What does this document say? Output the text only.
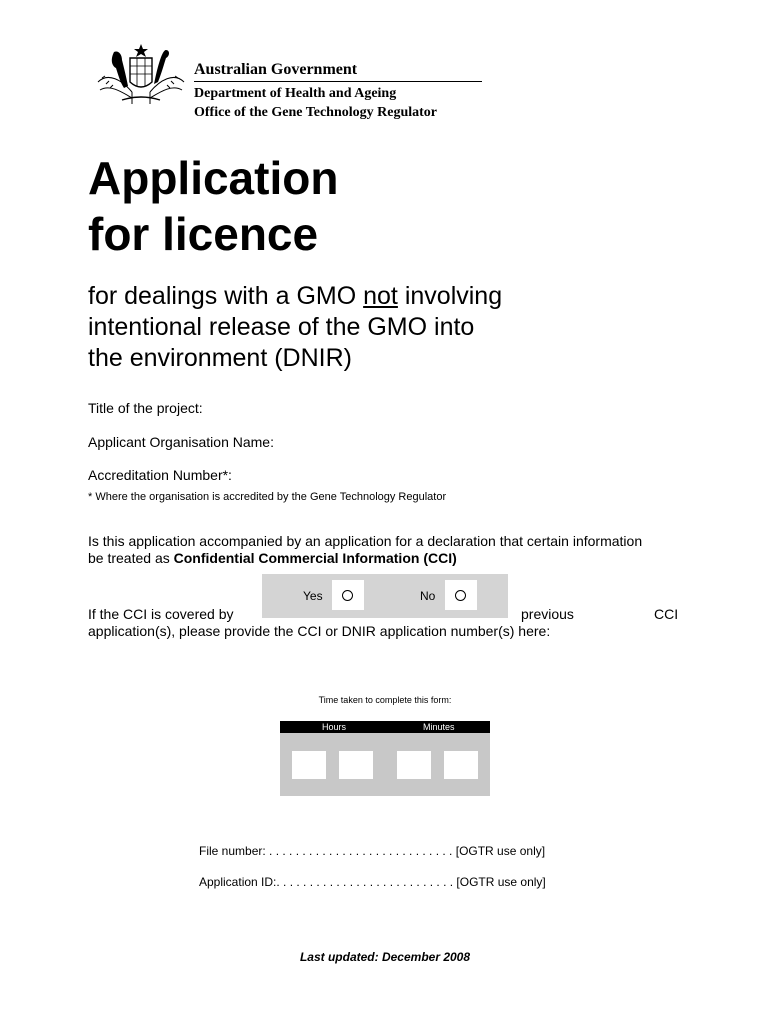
Australian Government
Department of Health and Ageing
Office of the Gene Technology Regulator
Application
for licence
for dealings with a GMO not involving
intentional release of the GMO into
the environment (DNIR)
Title of the project:
Applicant Organisation Name:
Accreditation Number*:
* Where the organisation is accredited by the Gene Technology Regulator
Is this application accompanied by an application for a declaration that certain information be treated as Confidential Commercial Information (CCI)
Yes	No
If the CCI is covered by	previous	CCI
application(s), please provide the CCI or DNIR application number(s) here:
Time taken to complete this form:
Hours	Minutes
File number: . . . . . . . . . . . . . . . . . . . . . . . . . . . . [OGTR use only]
Application ID:. . . . . . . . . . . . . . . . . . . . . . . . . . . [OGTR use only]
Last updated: December 2008
